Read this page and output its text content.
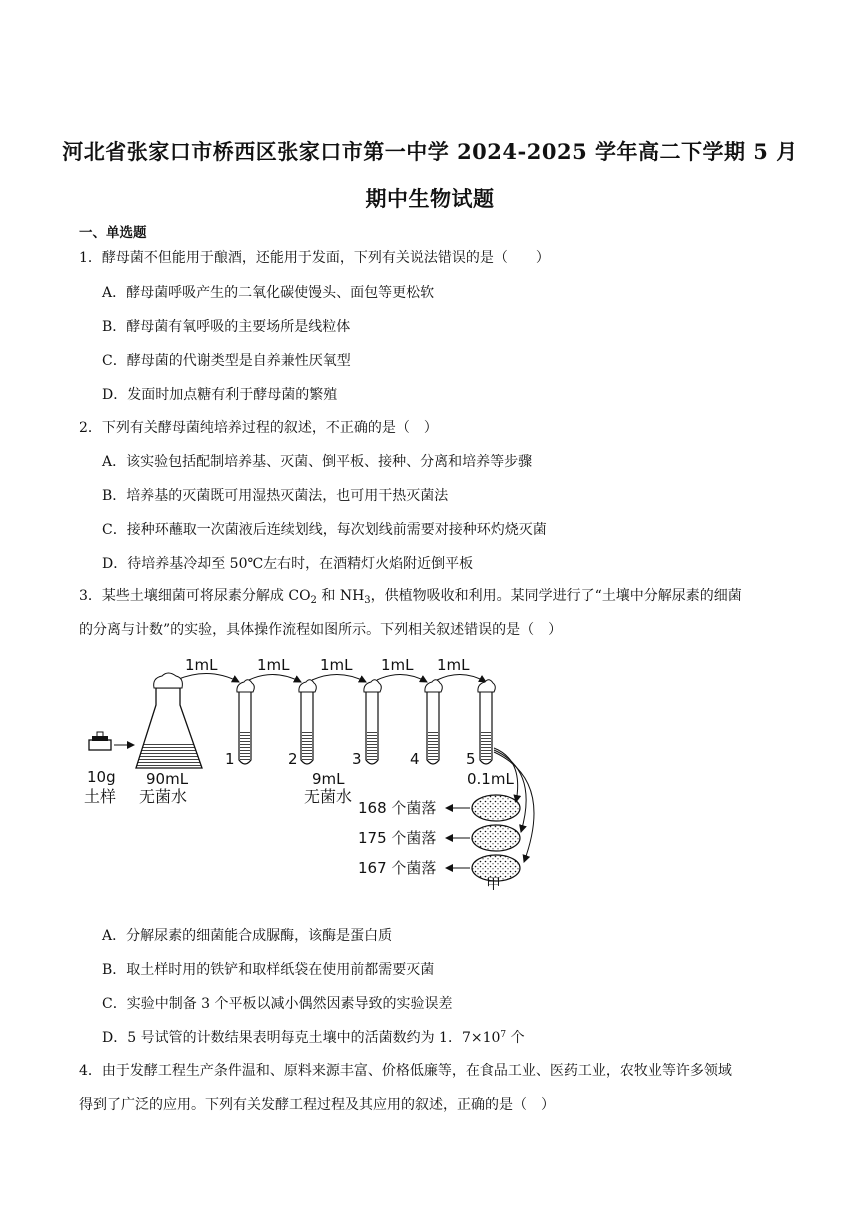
河北省张家口市桥西区张家口市第一中学 2024-2025 学年高二下学期 5 月
期中生物试题
一、单选题
1．酵母菌不但能用于酿酒，还能用于发面，下列有关说法错误的是（　　）
A．酵母菌呼吸产生的二氧化碳使馒头、面包等更松软
B．酵母菌有氧呼吸的主要场所是线粒体
C．酵母菌的代谢类型是自养兼性厌氧型
D．发面时加点糖有利于酵母菌的繁殖
2．下列有关酵母菌纯培养过程的叙述，不正确的是（　）
A．该实验包括配制培养基、灭菌、倒平板、接种、分离和培养等步骤
B．培养基的灭菌既可用湿热灭菌法，也可用干热灭菌法
C．接种环蘸取一次菌液后连续划线，每次划线前需要对接种环灼烧灭菌
D．待培养基冷却至 50℃左右时，在酒精灯火焰附近倒平板
3．某些土壤细菌可将尿素分解成 $CO_2$ 和 $NH_3$，供植物吸收和利用。某同学进行了“土壤中分解尿素的细菌
的分离与计数”的实验，具体操作流程如图所示。下列相关叙述错误的是（　）
1mL	1mL 1mL 1mL 1mL
10g
土样
90mL
无菌水
1	2	3	4	5
9mL
无菌水
0.1mL
168 个菌落
175 个菌落
167 个菌落
甲
A．分解尿素的细菌能合成脲酶，该酶是蛋白质
B．取土样时用的铁铲和取样纸袋在使用前都需要灭菌
C．实验中制备 3 个平板以减小偶然因素导致的实验误差
D．5 号试管的计数结果表明每克土壤中的活菌数约为 1．$7\times 10^7$ 个
4．由于发酵工程生产条件温和、原料来源丰富、价格低廉等，在食品工业、医药工业，农牧业等许多领域
得到了广泛的应用。下列有关发酵工程过程及其应用的叙述，正确的是（　）
